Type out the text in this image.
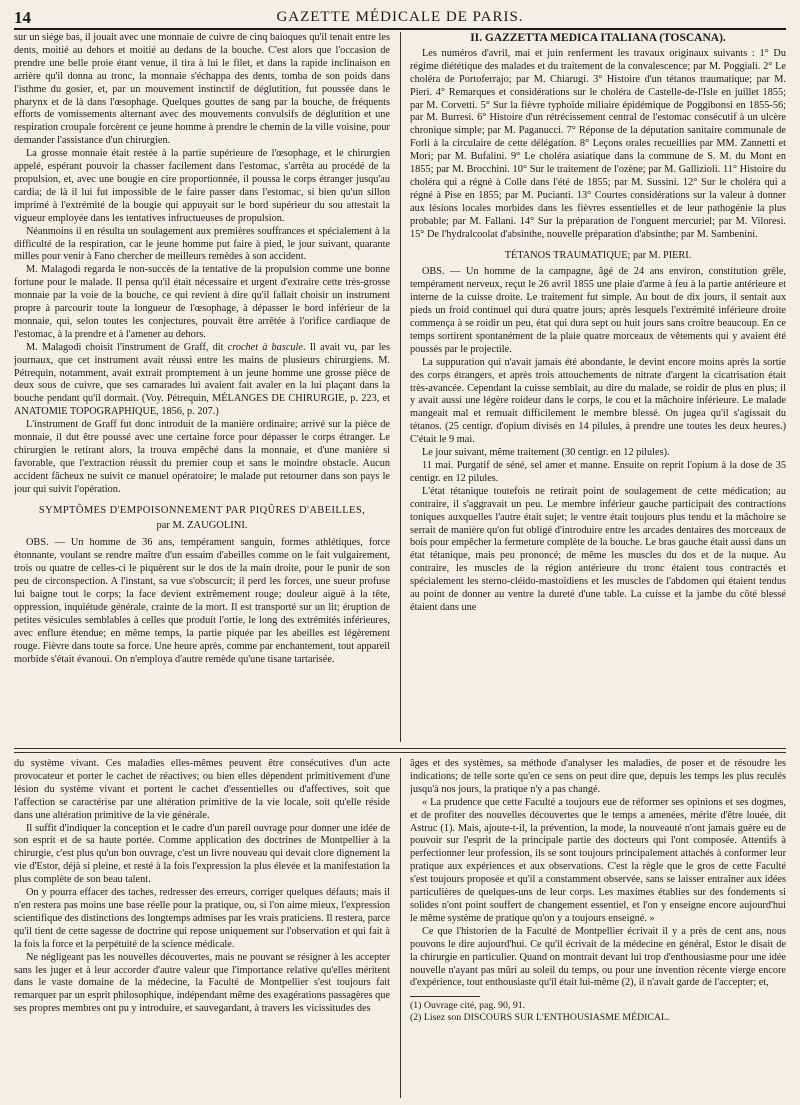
14	GAZETTE MÉDICALE DE PARIS.

sur un siége bas, il jouait avec une monnaie de cuivre de cinq baioques qu'il tenait entre les dents, moitié au dehors et moitié au dedans de la bouche. C'est alors que l'occasion de prendre une belle proie étant venue, il tira à lui le filet, et dans la rapide inclinaison en arrière qu'il donna au tronc, la monnaie s'échappa des dents, tomba de son poids dans l'isthme du gosier, et, par un mouvement instinctif de déglutition, fut poussée dans le pharynx et de là dans l'œsophage. Quelques gouttes de sang par la bouche, de fréquents efforts de vomissements alternant avec des mouvements convulsifs de déglutition et une respiration croupale forcèrent ce jeune homme à prendre le chemin de la ville voisine, pour demander l'assistance d'un chirurgien.

La grosse monnaie était restée à la partie supérieure de l'œsophage, et le chirurgien appelé, espérant pouvoir la chasser facilement dans l'estomac, s'arrêta au procédé de la propulsion, et, avec une bougie en cire proportionnée, il poussa le corps étranger jusqu'au cardia; de là il lui fut impossible de le faire passer dans l'estomac, si bien qu'un sillon imprimé à l'extrémité de la bougie qui appuyait sur le bord supérieur du sou attestait la vigueur employée dans les tentatives infructueuses de propulsion.

Néanmoins il en résulta un soulagement aux premières souffrances et spécialement à la difficulté de la respiration, car le jeune homme put faire à pied, le jour suivant, quarante milles pour venir à Fano chercher de meilleurs remèdes à son accident.

M. Malagodi regarda le non-succès de la tentative de la propulsion comme une bonne fortune pour le malade. Il pensa qu'il était nécessaire et urgent d'extraire cette très-grosse monnaie par la voie de la bouche, ce qui revient à dire qu'il fallait choisir un instrument propre à parcourir toute la longueur de l'œsophage, à dépasser le bord inférieur de la monnaie, qui, selon toutes les conjectures, pouvait être arrêtée à l'orifice cardiaque de l'estomac, à la prendre et à l'amener au dehors.

M. Malagodi choisit l'instrument de Graff, dit crochet à bascule. Il avait vu, par les journaux, que cet instrument avait réussi entre les mains de plusieurs chirurgiens. M. Pétrequin, notamment, avait extrait promptement à un jeune homme une grosse pièce de deux sous de cuivre, que ses camarades lui avaient fait avaler en la lui plaçant dans la bouche pendant qu'il dormait. (Voy. Pétrequin, MÉLANGES DE CHIRURGIE, p. 223, et ANATOMIE TOPOGRAPHIQUE, 1856, p. 207.)

L'instrument de Graff fut donc introduit de la manière ordinaire; arrivé sur la pièce de monnaie, il dut être poussé avec une certaine force pour dépasser le corps étranger. Le chirurgien le retirant alors, la trouva empêché dans la monnaie, et d'une manière si favorable, que l'extraction réussit du premier coup et sans le moindre obstacle. Aucun accident fâcheux ne suivit ce manuel opératoire; le malade put retourner dans son pays le jour qui suivit l'opération.

SYMPTÔMES D'EMPOISONNEMENT PAR PIQÛRES D'ABEILLES,

par M. ZAUGOLINI.

OBS. — Un homme de 36 ans, tempérament sanguin, formes athlétiques, force étonnante, voulant se rendre maître d'un essaim d'abeilles comme on le fait vulgairement, trois ou quatre de celles-ci le piquèrent sur le dos de la main droite, pour le punir de son peu de circonspection. A l'instant, sa vue s'obscurcit; il perd les forces, une sueur profuse lui baigne tout le corps; la face devient extrêmement rouge; douleur aiguë à la tête, oppression, inquiétude générale, crainte de la mort. Il est transporté sur un lit; éruption de petites vésicules semblables à celles que produit l'ortie, le long des extrémités inférieures, avec enflure étendue; en même temps, la partie piquée par les abeilles est légèrement rouge. Fièvre dans toute sa force. Une heure après, comme par enchantement, tout appareil morbide s'était évanoui. On n'employa d'autre remède qu'une tisane tartarisée.

II. GAZZETTA MEDICA ITALIANA (TOSCANA).

Les numéros d'avril, mai et juin renferment les travaux originaux suivants : 1° Du régime diététique des malades et du traitement de la convalescence; par M. Poggiali. 2° Le choléra de Portoferrajo; par M. Chiarugi. 3° Histoire d'un tétanos traumatique; par M. Pieri. 4° Remarques et considérations sur le choléra de Castelle-de-l'Isle en juillet 1855; par M. Corvetti. 5° Sur la fièvre typhoïde miliaire épidémique de Poggibonsi en 1855-56; par M. Burresi. 6° Histoire d'un rétrécissement central de l'estomac consécutif à un ulcère chronique simple; par M. Paganucci. 7° Réponse de la députation sanitaire communale de Forli à la circulaire de cette délégation. 8° Leçons orales recueillies par MM. Zannetti et Mori; par M. Bufalini. 9° Le choléra asiatique dans la commune de S. M. du Mont en 1855; par M. Brocchini. 10° Sur le traitement de l'ozène; par M. Gallizioli. 11° Histoire du choléra qui a régné à Colle dans l'été de 1855; par M. Sussini. 12° Sur le choléra qui a régné à Pise en 1855; par M. Pucianti. 13° Courtes considérations sur la valeur à donner aux lésions locales morbides dans les fièvres essentielles et de leur pathogénie la plus probable; par M. Fallani. 14° Sur la préparation de l'onguent mercuriel; par M. Viloresi. 15° De l'hydralcoolat d'absinthe, nouvelle préparation d'absinthe; par M. Sambenini.

TÉTANOS TRAUMATIQUE; par M. PIERI.

OBS. — Un homme de la campagne, âgé de 24 ans environ, constitution grêle, tempérament nerveux, reçut le 26 avril 1855 une plaie d'arme à feu à la partie antérieure et interne de la cuisse droite. Le traitement fut simple. Au bout de dix jours, il sentait aux pieds un froid continuel qui dura quatre jours; après lesquels l'extrémité inférieure droite commença à se roidir un peu, état qui dura sept ou huit jours sans croître beaucoup. En ce temps sortirent spontanément de la plaie quatre morceaux de vêtements qui y avaient été poussés par le projectile.

La suppuration qui n'avait jamais été abondante, le devint encore moins après la sortie des corps étrangers, et après trois attouchements de nitrate d'argent la cicatrisation était très-avancée. Cependant la cuisse semblait, au dire du malade, se roidir de plus en plus; il y avait aussi une légère roideur dans le corps, le cou et la mâchoire inférieure. Le malade mangeait mal et remuait difficilement le membre blessé. On jugea qu'il s'agissait du tétanos. (25 centigr. d'opium divisés en 14 pilules, à prendre une toutes les deux heures.) C'était le 9 mai.

Le jour suivant, même traitement (30 centigr. en 12 pilules).

11 mai. Purgatif de séné, sel amer et manne. Ensuite on reprit l'opium à la dose de 35 centigr. en 12 pilules.

L'état tétanique toutefois ne retirait point de soulagement de cette médication; au contraire, il s'aggravait un peu. Le membre inférieur gauche participait des contractions toniques auxquelles l'autre était sujet; le ventre était toujours plus tendu et la mâchoire se serrait de manière qu'on fut obligé d'introduire entre les arcades dentaires des morceaux de bois pour empêcher la fermeture complète de la bouche. Le bras gauche était aussi dans un état tétanique, mais peu prononcé; de même les muscles du dos et de la nuque. Au contraire, les muscles de la région antérieure du tronc étaient tous contractés et spécialement les sterno-cléido-mastoïdiens et les muscles de l'abdomen qui étaient tendus au point de donner au ventre la dureté d'une table. La cuisse et la jambe du côté blessé étaient dans une

du système vivant. Ces maladies elles-mêmes peuvent être consécutives d'un acte provocateur et porter le cachet de réactives; ou bien elles dépendent primitivement d'une lésion du système vivant et portent le cachet d'essentielles ou d'affectives, soit que l'affection se caractérise par une altération primitive de la vie locale, soit qu'elle réside dans une altération primitive de la vie générale.

Il suffit d'indiquer la conception et le cadre d'un pareil ouvrage pour donner une idée de son esprit et de sa haute portée. Comme application des doctrines de Montpellier à la chirurgie, c'est plus qu'un bon ouvrage, c'est un livre nouveau qui devait clore dignement la vie d'Estor, déjà si pleine, et resté à la fois l'expression la plus élevée et la manifestation la plus complète de son beau talent.

On y pourra effacer des taches, redresser des erreurs, corriger quelques défauts; mais il n'en restera pas moins une base réelle pour la pratique, ou, si l'on aime mieux, l'expression scientifique des distinctions des longtemps admises par les vrais praticiens. Il restera, parce qu'il tient de cette sagesse de doctrine qui repose uniquement sur l'observation et qui fait à la fois la force et la perpétuité de la science médicale.

Ne négligeant pas les nouvelles découvertes, mais ne pouvant se résigner à les accepter sans les juger et à leur accorder d'autre valeur que l'importance relative qu'elles méritent dans le vaste domaine de la médecine, la Faculté de Montpellier s'est toujours fait remarquer par un esprit philosophique, indépendant même des exagérations passagères que ses propres membres ont pu y introduire, et sauvegardant, à travers les vicissitudes des

âges et des systèmes, sa méthode d'analyser les maladies, de poser et de résoudre les indications; de telle sorte qu'en ce sens on peut dire que, depuis les temps les plus reculés jusqu'à nos jours, la pratique n'y a pas changé.

« La prudence que cette Faculté a toujours eue de réformer ses opinions et ses dogmes, et de profiter des nouvelles découvertes que le temps a amenées, mérite d'être louée, dit Astruc (1). Mais, ajoute-t-il, la prévention, la mode, la nouveauté n'ont jamais guère eu de pouvoir sur l'esprit de la principale partie des docteurs qui l'ont composée. Attentifs à perfectionner leur profession, ils se sont toujours principalement attachés à conformer leur pratique aux expériences et aux observations. C'est la règle que le gros de cette Faculté s'est toujours proposée et qu'il a constamment observée, sans se laisser entraîner aux idées particulières de quelques-uns de leur corps. Les maximes établies sur des fondements si solides n'ont point souffert de changement essentiel, et l'on y enseigne encore aujourd'hui le même système de pratique qu'on y a toujours enseigné. »

Ce que l'historien de la Faculté de Montpellier écrivait il y a près de cent ans, nous pouvons le dire aujourd'hui. Ce qu'il écrivait de la médecine en général, Estor le disait de la chirurgie en particulier. Quand on montrait devant lui trop d'enthousiasme pour une idée nouvelle n'ayant pas mûri au soleil du temps, ou pour une invention récente vierge encore d'expérience, tout enthousiaste qu'il était lui-même (2), il n'avait garde de l'accepter; et,

(1) Ouvrage cité, pag. 90, 91.

(2) Lisez son DISCOURS SUR L'ENTHOUSIASME MÉDICAL.
